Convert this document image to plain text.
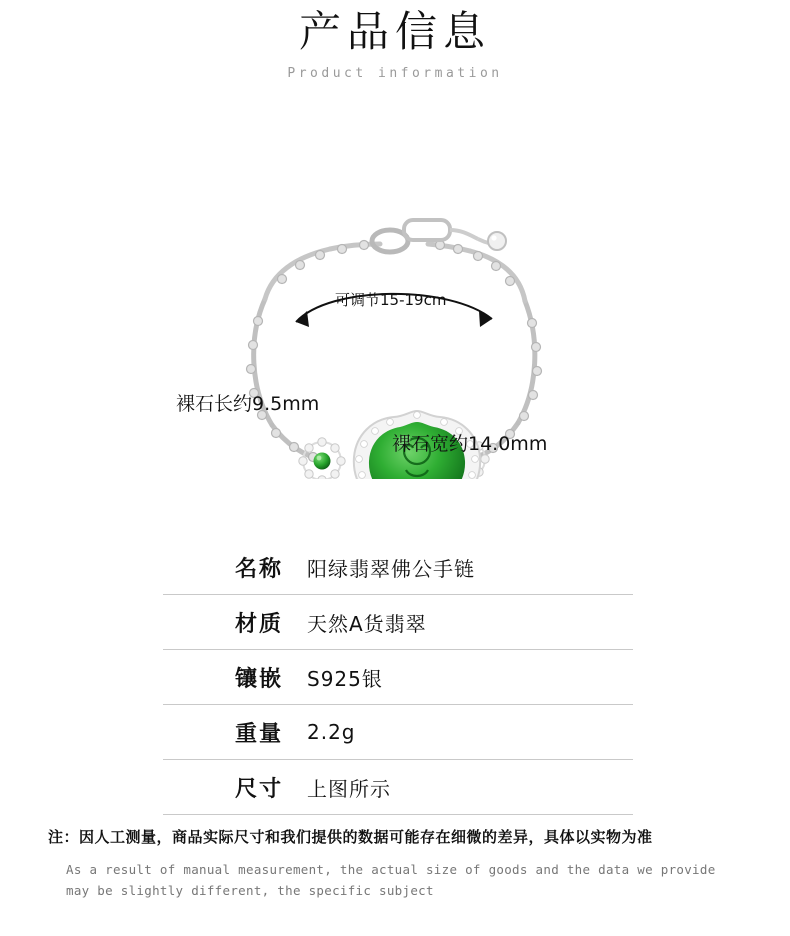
产品信息
Product information
可调节15-19cm
裸石长约9.5mm
裸石宽约14.0mm
名称	阳绿翡翠佛公手链
材质	天然A货翡翠
镶嵌	S925银
重量	2.2g
尺寸	上图所示
注：因人工测量，商品实际尺寸和我们提供的数据可能存在细微的差异，具体以实物为准
As a result of manual measurement, the actual size of goods and the data we provide may be slightly different, the specific subject
